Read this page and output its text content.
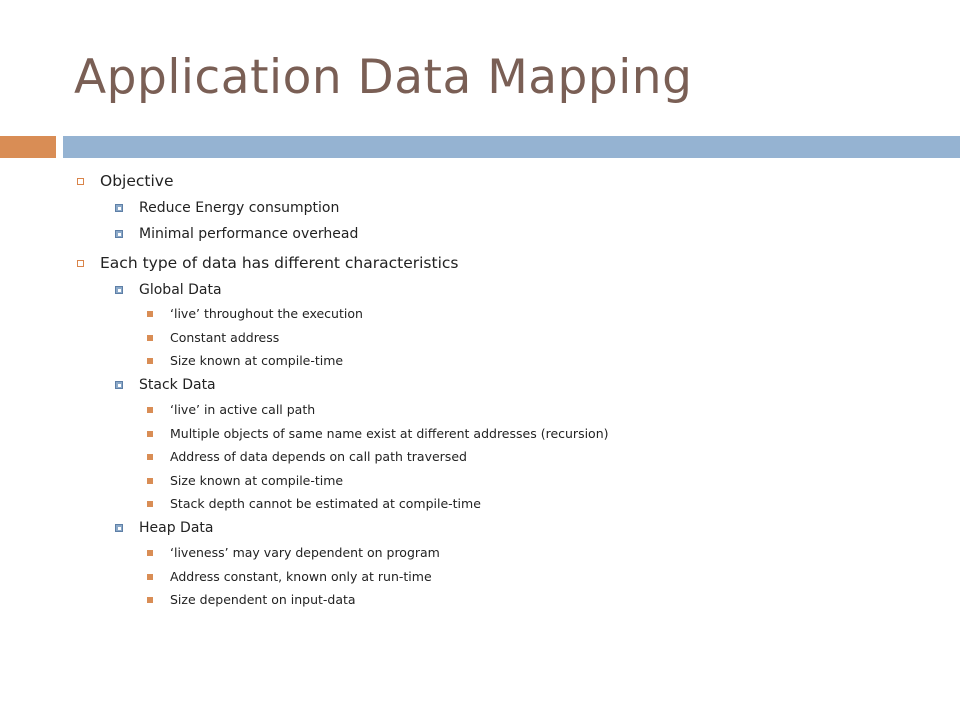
Application Data Mapping
Objective
Reduce Energy consumption
Minimal performance overhead
Each type of data has different characteristics
Global Data
‘live’ throughout the execution
Constant address
Size known at compile-time
Stack Data
‘live’ in active call path
Multiple objects of same name exist at different addresses (recursion)
Address of data depends on call path traversed
Size known at compile-time
Stack depth cannot be estimated at compile-time
Heap Data
‘liveness’ may vary dependent on program
Address constant, known only at run-time
Size dependent on input-data
